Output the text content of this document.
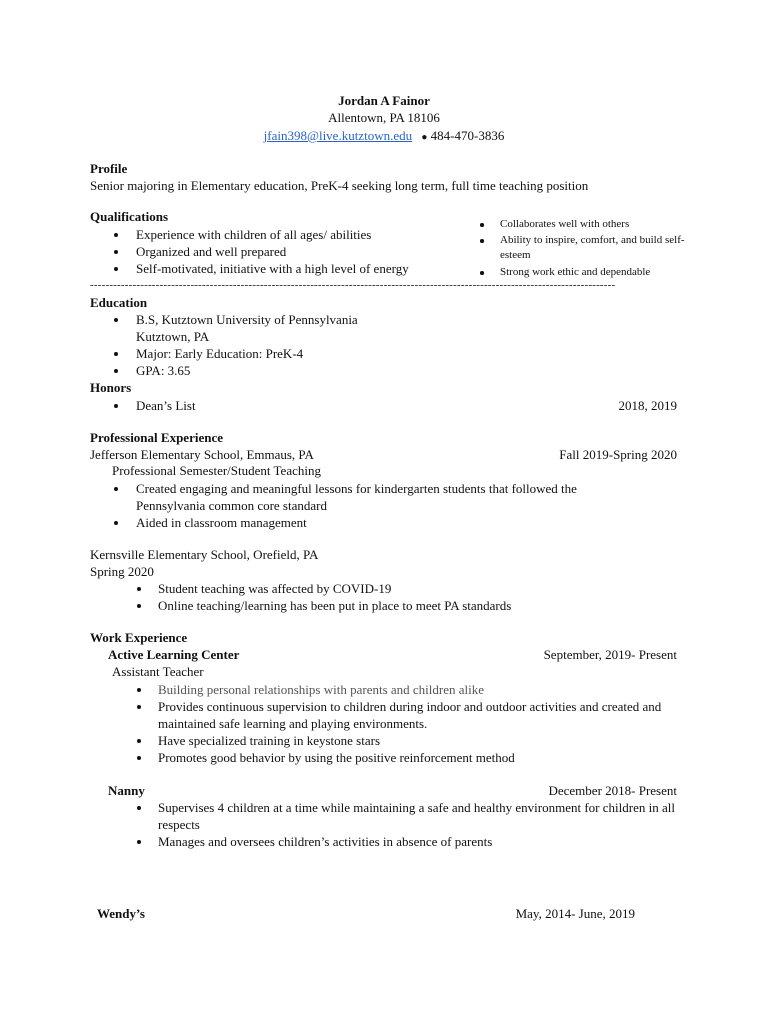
Jordan A Fainor
Allentown, PA 18106
jfain398@live.kutztown.edu ● 484-470-3836
Profile
Senior majoring in Elementary education, PreK-4 seeking long term, full time teaching position
Qualifications
Experience with children of all ages/ abilities
Organized and well prepared
Self-motivated, initiative with a high level of energy
Collaborates well with others
Ability to inspire, comfort, and build self-esteem
Strong work ethic and dependable
----------------------------------------------------------------------------------------------------------------------------------------
Education
B.S, Kutztown University of Pennsylvania
Kutztown, PA
Major: Early Education: PreK-4
GPA: 3.65
Honors
Dean’s List	2018, 2019
Professional Experience
Jefferson Elementary School, Emmaus, PA	Fall 2019-Spring 2020
Professional Semester/Student Teaching
Created engaging and meaningful lessons for kindergarten students that followed the Pennsylvania common core standard
Aided in classroom management
Kernsville Elementary School, Orefield, PA
Spring 2020
Student teaching was affected by COVID-19
Online teaching/learning has been put in place to meet PA standards
Work Experience
Active Learning Center	September, 2019- Present
Assistant Teacher
Building personal relationships with parents and children alike
Provides continuous supervision to children during indoor and outdoor activities and created and maintained safe learning and playing environments.
Have specialized training in keystone stars
Promotes good behavior by using the positive reinforcement method
Nanny	December 2018- Present
Supervises 4 children at a time while maintaining a safe and healthy environment for children in all respects
Manages and oversees children’s activities in absence of parents
Wendy’s	May, 2014- June, 2019
